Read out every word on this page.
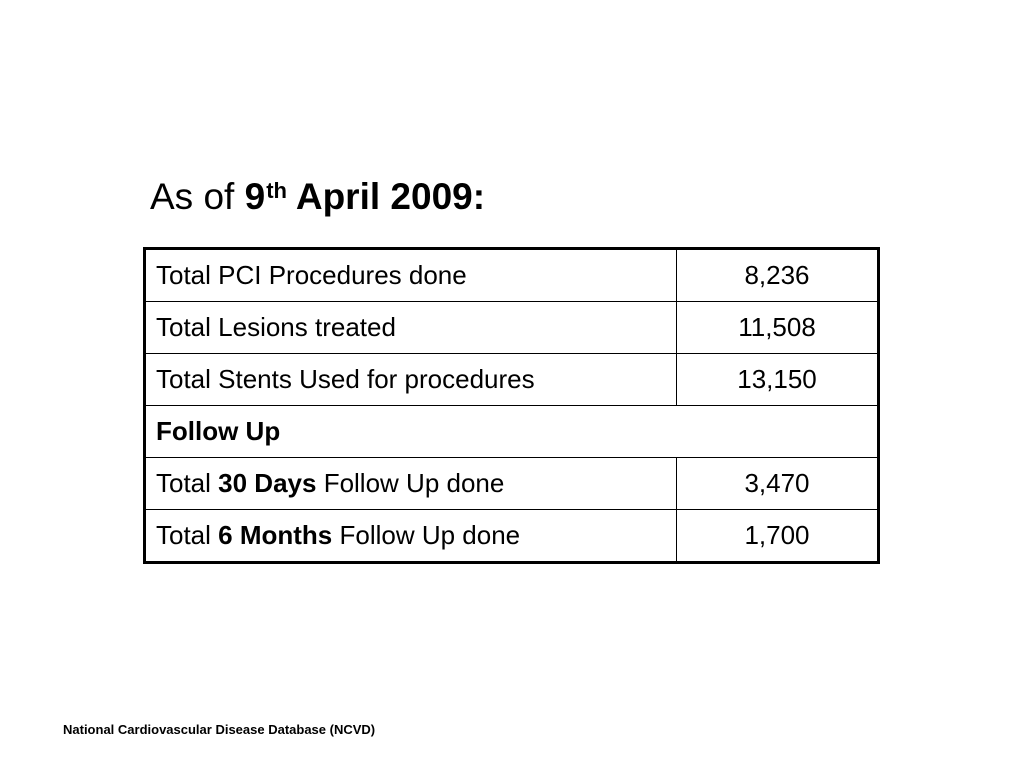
As of 9th April 2009:
Total PCI Procedures done	8,236
Total Lesions treated	11,508
Total Stents Used for procedures	13,150
Follow Up	
Total 30 Days Follow Up done	3,470
Total 6 Months Follow Up done	1,700
National Cardiovascular Disease Database (NCVD)
